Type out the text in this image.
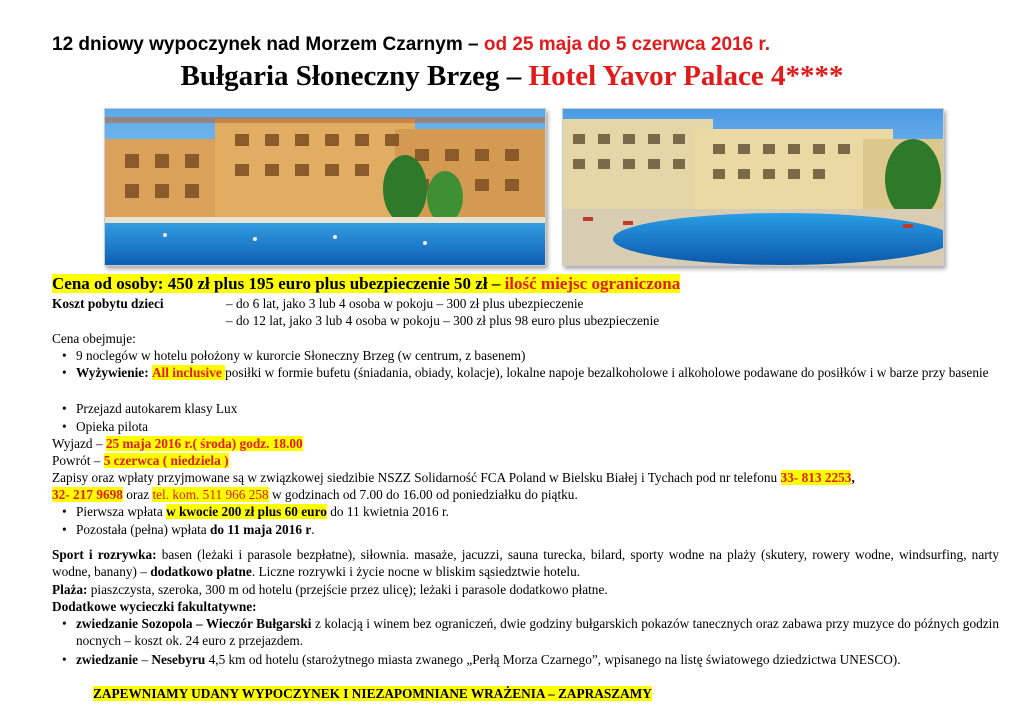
12 dniowy wypoczynek nad Morzem Czarnym – od 25 maja do 5 czerwca 2016 r.
Bułgaria Słoneczny Brzeg – Hotel Yavor Palace 4****
Cena od osoby: 450 zł plus 195 euro plus ubezpieczenie 50 zł – ilość miejsc ograniczona
Koszt pobytu dzieci	– do 6 lat, jako 3 lub 4 osoba w pokoju – 300 zł plus ubezpieczenie
– do 12 lat, jako 3 lub 4 osoba w pokoju – 300 zł plus 98 euro plus ubezpieczenie
Cena obejmuje:
• 9 noclegów w hotelu położony w kurorcie Słoneczny Brzeg (w centrum, z basenem)
• Wyżywienie: All inclusive posiłki w formie bufetu (śniadania, obiady, kolacje), lokalne napoje bezalkoholowe i alkoholowe podawane do posiłków i w barze przy basenie
• Przejazd autokarem klasy Lux
• Opieka pilota
Wyjazd – 25 maja 2016 r.( środa) godz. 18.00
Powrót – 5 czerwca ( niedziela )
Zapisy oraz wpłaty przyjmowane są w związkowej siedzibie NSZZ Solidarność FCA Poland w Bielsku Białej i Tychach pod nr telefonu 33- 813 2253,
32- 217 9698 oraz tel. kom. 511 966 258 w godzinach od 7.00 do 16.00 od poniedziałku do piątku.
• Pierwsza wpłata w kwocie 200 zł plus 60 euro do 11 kwietnia 2016 r.
• Pozostała (pełna) wpłata do 11 maja 2016 r.
Sport i rozrywka: basen (leżaki i parasole bezpłatne), siłownia. masaże, jacuzzi, sauna turecka, bilard, sporty wodne na plaży (skutery, rowery wodne, windsurfing, narty wodne, banany) – dodatkowo płatne. Liczne rozrywki i życie nocne w bliskim sąsiedztwie hotelu.
Plaża: piaszczysta, szeroka, 300 m od hotelu (przejście przez ulicę); leżaki i parasole dodatkowo płatne.
Dodatkowe wycieczki fakultatywne:
• zwiedzanie Sozopola – Wieczór Bułgarski z kolacją i winem bez ograniczeń, dwie godziny bułgarskich pokazów tanecznych oraz zabawa przy muzyce do późnych godzin nocnych – koszt ok. 24 euro z przejazdem.
• zwiedzanie – Nesebyru 4,5 km od hotelu (starożytnego miasta zwanego „Perłą Morza Czarnego”, wpisanego na listę światowego dziedzictwa UNESCO).
ZAPEWNIAMY UDANY WYPOCZYNEK I NIEZAPOMNIANE WRAŻENIA – ZAPRASZAMY
